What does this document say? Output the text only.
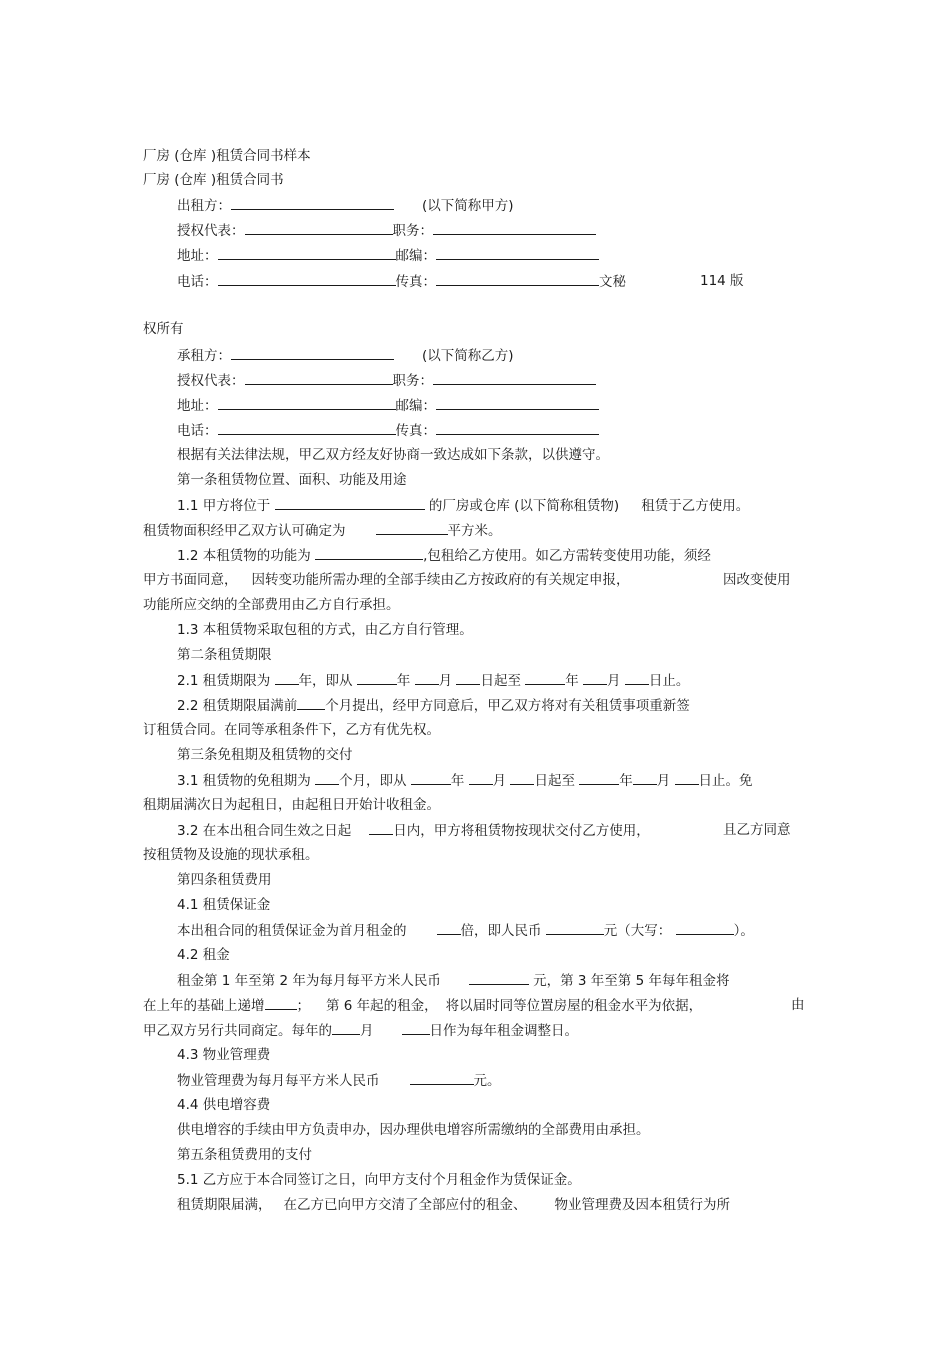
厂房 (仓库 )租赁合同书样本
厂房 (仓库 )租赁合同书
出租方：	(以下简称甲方)
授权代表：	职务：
地址：	邮编：
电话：	传真：	文秘	114 版
权所有
承租方：	(以下简称乙方)
授权代表：	职务：
地址：	邮编：
电话：	传真：
根据有关法律法规，甲乙双方经友好协商一致达成如下条款，以供遵守。
第一条租赁物位置、面积、功能及用途
1.1 甲方将位于	的厂房或仓库 (以下简称租赁物) 租赁于乙方使用。
租赁物面积经甲乙双方认可确定为	平方米。
1.2 本租赁物的功能为	,包租给乙方使用。如乙方需转变使用功能，须经
甲方书面同意， 因转变功能所需办理的全部手续由乙方按政府的有关规定申报，	因改变使用
功能所应交纳的全部费用由乙方自行承担。
1.3 本租赁物采取包租的方式，由乙方自行管理。
第二条租赁期限
2.1 租赁期限为 年，即从	年 月 日起至	年 月 日止。
2.2 租赁期限届满前 个月提出，经甲方同意后，甲乙双方将对有关租赁事项重新签
订租赁合同。在同等承租条件下，乙方有优先权。
第三条免租期及租赁物的交付
3.1 租赁物的免租期为 个月，即从	年 月 日起至	年 月 日止。免
租期届满次日为起租日，由起租日开始计收租金。
3.2 在本出租合同生效之日起	日内，甲方将租赁物按现状交付乙方使用，	且乙方同意
按租赁物及设施的现状承租。
第四条租赁费用
4.1 租赁保证金
本出租合同的租赁保证金为首月租金的	倍，即人民币	元（大写：	）。
4.2 租金
租金第 1 年至第 2 年为每月每平方米人民币	元，第 3 年至第 5 年每年租金将
在上年的基础上递增 ； 第 6 年起的租金， 将以届时同等位置房屋的租金水平为依据，	由
甲乙双方另行共同商定。每年的 月	日作为每年租金调整日。
4.3 物业管理费
物业管理费为每月每平方米人民币	元。
4.4 供电增容费
供电增容的手续由甲方负责申办，因办理供电增容所需缴纳的全部费用由承担。
第五条租赁费用的支付
5.1 乙方应于本合同签订之日，向甲方支付个月租金作为赁保证金。
租赁期限届满， 在乙方已向甲方交清了全部应付的租金、 物业管理费及因本租赁行为所
